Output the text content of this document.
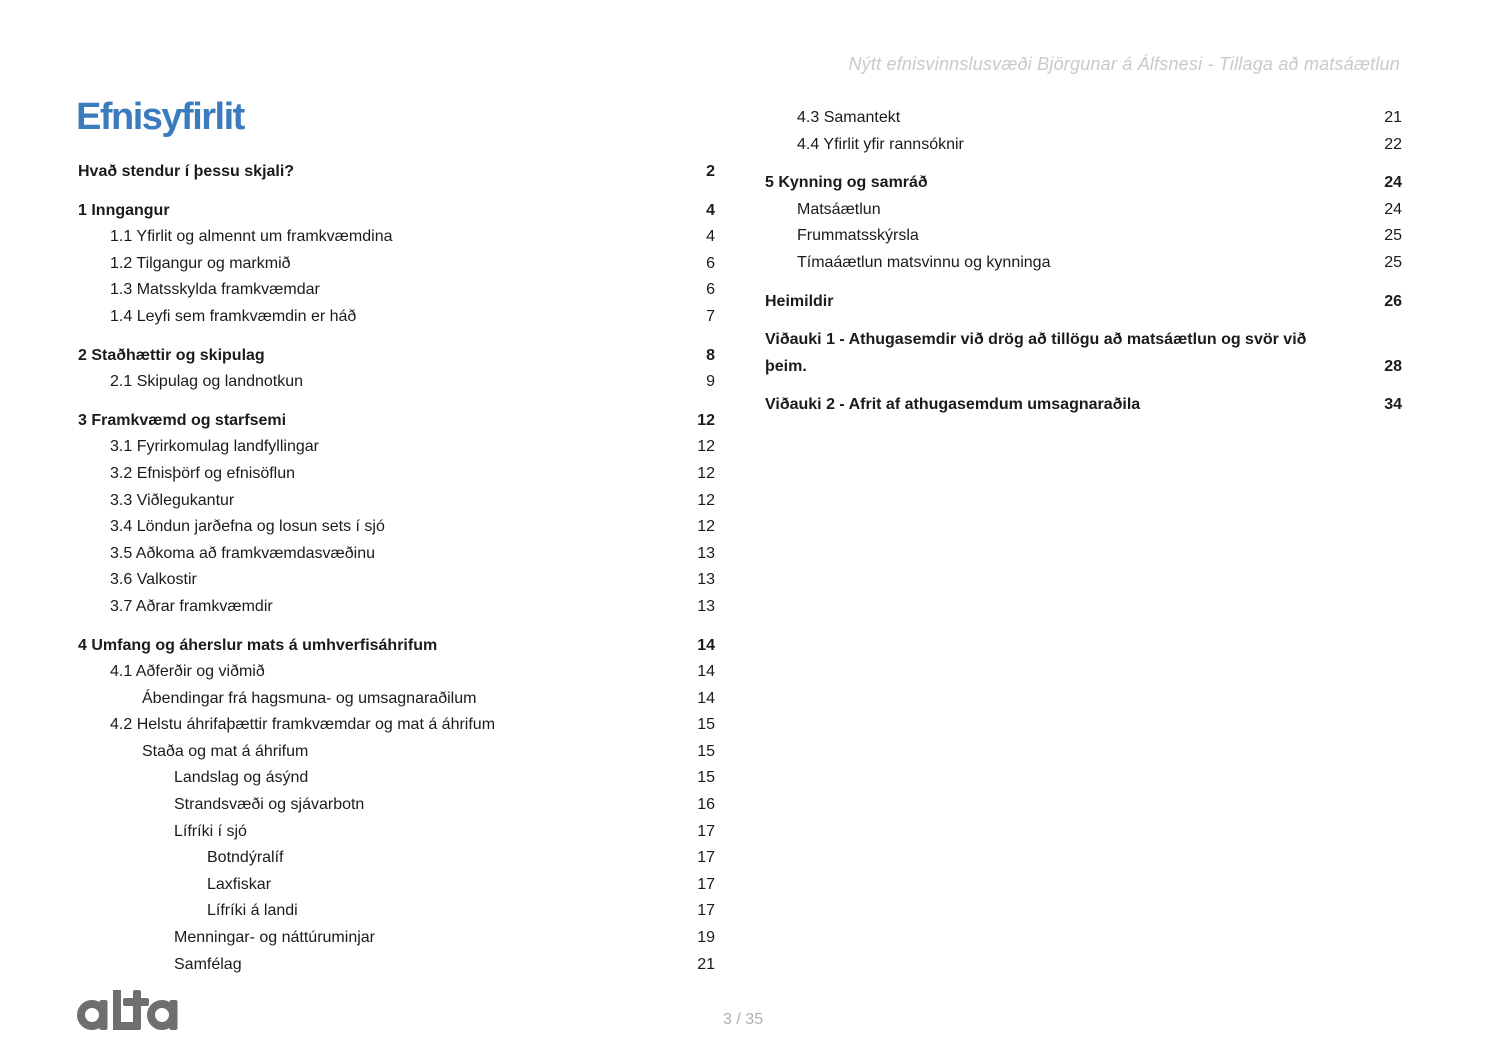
Nýtt efnisvinnslusvæði Björgunar á Álfsnesi - Tillaga að matsáætlun
Efnisyfirlit
Hvað stendur í þessu skjali?	2
1 Inngangur	4
1.1 Yfirlit og almennt um framkvæmdina	4
1.2 Tilgangur og markmið	6
1.3 Matsskylda framkvæmdar	6
1.4 Leyfi sem framkvæmdin er háð	7
2 Staðhættir og skipulag	8
2.1 Skipulag og landnotkun	9
3 Framkvæmd og starfsemi	12
3.1 Fyrirkomulag landfyllingar	12
3.2 Efnisþörf og efnisöflun	12
3.3 Viðlegukantur	12
3.4 Löndun jarðefna og losun sets í sjó	12
3.5 Aðkoma að framkvæmdasvæðinu	13
3.6 Valkostir	13
3.7 Aðrar framkvæmdir	13
4 Umfang og áherslur mats á umhverfisáhrifum	14
4.1 Aðferðir og viðmið	14
Ábendingar frá hagsmuna- og umsagnaraðilum	14
4.2 Helstu áhrifaþættir framkvæmdar og mat á áhrifum	15
Staða og mat á áhrifum	15
Landslag og ásýnd	15
Strandsvæði og sjávarbotn	16
Lífríki í sjó	17
Botndýralíf	17
Laxfiskar	17
Lífríki á landi	17
Menningar- og náttúruminjar	19
Samfélag	21
4.3 Samantekt	21
4.4 Yfirlit yfir rannsóknir	22
5 Kynning og samráð	24
Matsáætlun	24
Frummatsskýrsla	25
Tímaáætlun matsvinnu og kynninga	25
Heimildir	26
Viðauki 1 - Athugasemdir við drög að tillögu að matsáætlun og svör við þeim.	28
Viðauki 2 - Afrit af athugasemdum umsagnaraðila	34
3 / 35
